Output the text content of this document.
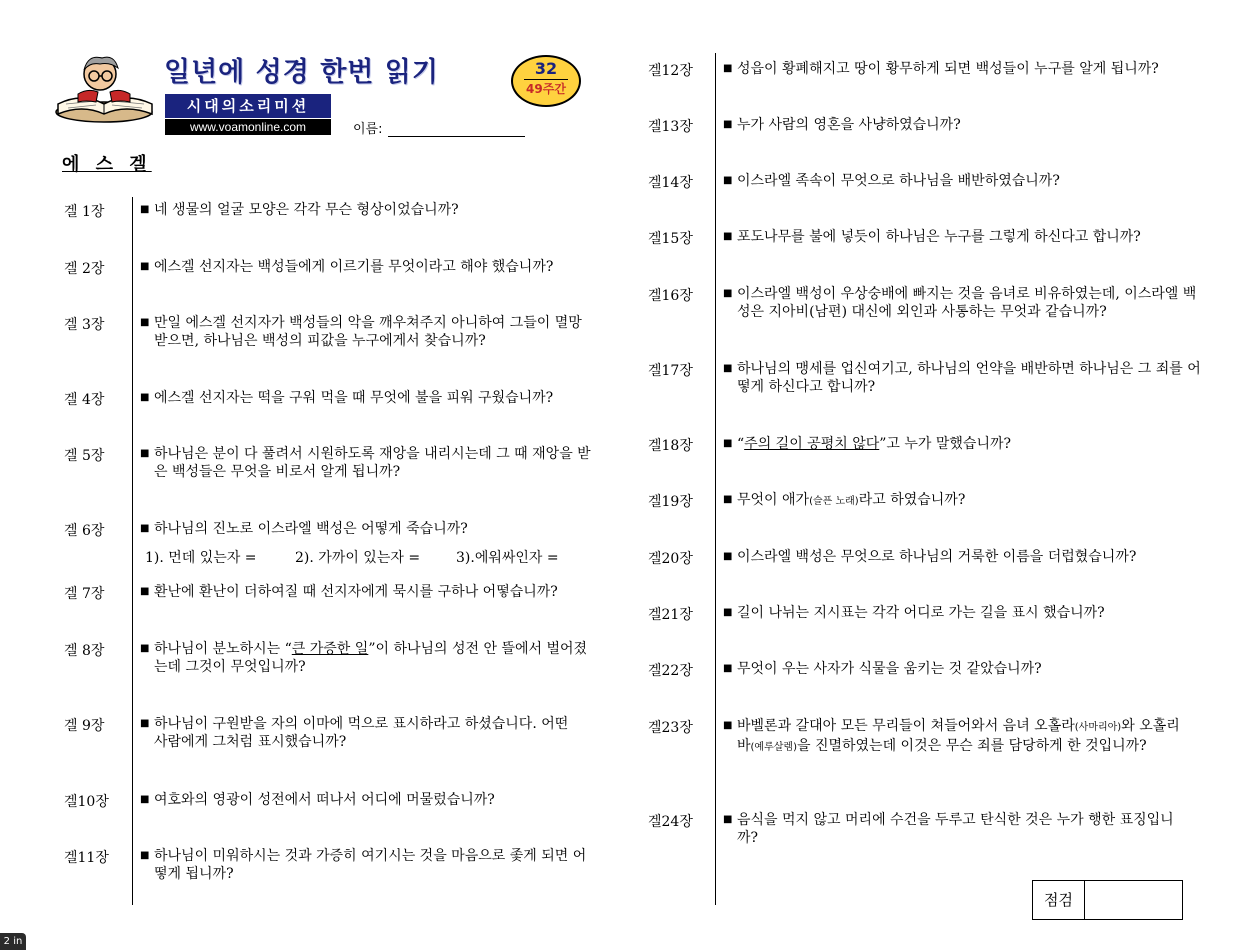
일년에 성경 한번 읽기	32
49주간
시대의소리미션
www.voamonline.com	이름:
에 스 겔
겔 1장	■ 네 생물의 얼굴 모양은 각각 무슨 형상이었습니까?
겔 2장	■ 에스겔 선지자는 백성들에게 이르기를 무엇이라고 해야 했습니까?
겔 3장	■ 만일 에스겔 선지자가 백성들의 악을 깨우쳐주지 아니하여 그들이 멸망 받으면, 하나님은 백성의 피값을 누구에게서 찾습니까?
겔 4장	■ 에스겔 선지자는 떡을 구워 먹을 때 무엇에 불을 피워 구웠습니까?
겔 5장	■ 하나님은 분이 다 풀려서 시원하도록 재앙을 내리시는데 그 때 재앙을 받은 백성들은 무엇을 비로서 알게 됩니까?
겔 6장	■ 하나님의 진노로 이스라엘 백성은 어떻게 죽습니까?
1). 먼데 있는자 =	2). 가까이 있는자 =	3).에워싸인자 =
겔 7장	■ 환난에 환난이 더하여질 때 선지자에게 묵시를 구하나 어떻습니까?
겔 8장	■ 하나님이 분노하시는 “큰 가증한 일”이 하나님의 성전 안 뜰에서 벌어졌는데 그것이 무엇입니까?
겔 9장	■ 하나님이 구원받을 자의 이마에 먹으로 표시하라고 하셨습니다. 어떤 사람에게 그처럼 표시했습니까?
겔10장	■ 여호와의 영광이 성전에서 떠나서 어디에 머물렀습니까?
겔11장	■ 하나님이 미워하시는 것과 가증히 여기시는 것을 마음으로 좇게 되면 어떻게 됩니까?
겔12장	■ 성읍이 황폐해지고 땅이 황무하게 되면 백성들이 누구를 알게 됩니까?
겔13장	■ 누가 사람의 영혼을 사냥하였습니까?
겔14장	■ 이스라엘 족속이 무엇으로 하나님을 배반하였습니까?
겔15장	■ 포도나무를 불에 넣듯이 하나님은 누구를 그렇게 하신다고 합니까?
겔16장	■ 이스라엘 백성이 우상숭배에 빠지는 것을 음녀로 비유하였는데, 이스라엘 백성은 지아비(남편) 대신에 외인과 사통하는 무엇과 같습니까?
겔17장	■ 하나님의 맹세를 업신여기고, 하나님의 언약을 배반하면 하나님은 그 죄를 어떻게 하신다고 합니까?
겔18장	■ “주의 길이 공평치 않다”고 누가 말했습니까?
겔19장	■ 무엇이 애가(슬픈 노래)라고 하였습니까?
겔20장	■ 이스라엘 백성은 무엇으로 하나님의 거룩한 이름을 더럽혔습니까?
겔21장	■ 길이 나뉘는 지시표는 각각 어디로 가는 길을 표시 했습니까?
겔22장	■ 무엇이 우는 사자가 식물을 움키는 것 같았습니까?
겔23장	■ 바벨론과 갈대아 모든 무리들이 쳐들어와서 음녀 오홀라(사마리아)와 오홀리바(예루살렘)을 진멸하였는데 이것은 무슨 죄를 담당하게 한 것입니까?
겔24장	■ 음식을 먹지 않고 머리에 수건을 두루고 탄식한 것은 누가 행한 표징입니까?
점검
2 in
